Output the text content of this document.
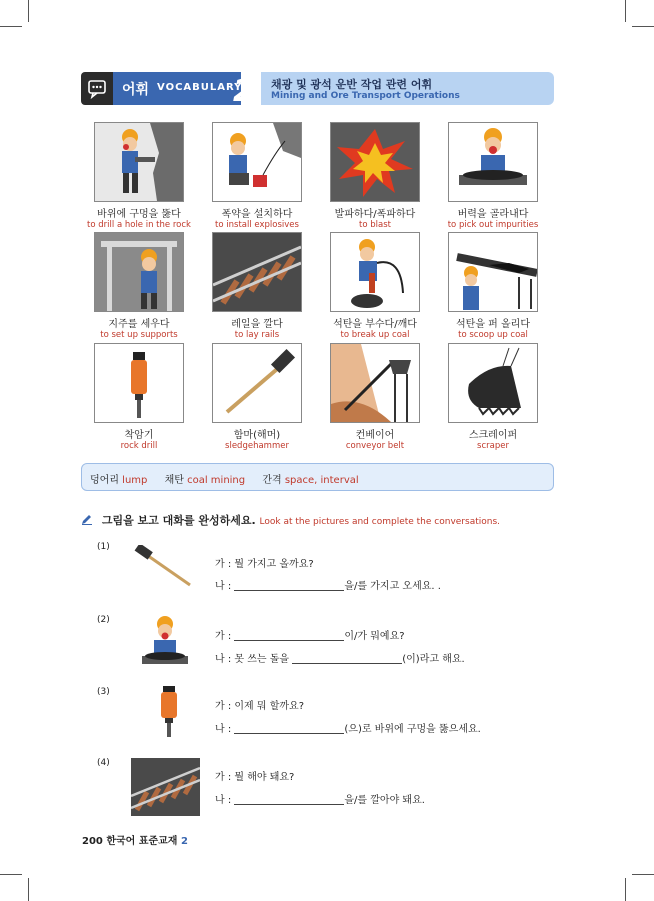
어휘 VOCABULARY	채광 및 광석 운반 작업 관련 어휘
Mining and Ore Transport Operations
2
바위에 구멍을 뚫다
to drill a hole in the rock
폭약을 설치하다
to install explosives
발파하다/폭파하다
to blast
버력을 골라내다
to pick out impurities
지주를 세우다
to set up supports
레일을 깔다
to lay rails
석탄을 부수다/깨다
to break up coal
석탄을 퍼 올리다
to scoop up coal
착암기
rock drill
함마(해머)
sledgehammer
컨베이어
conveyor belt
스크레이퍼
scraper
덩어리 lump 채탄 coal mining 간격 space, interval
그림을 보고 대화를 완성하세요. Look at the pictures and complete the conversations.
(1)
가 : 뭘 가지고 올까요?
나 :	을/를 가지고 오세요. .
(2)
가 :	이/가 뭐예요?
나 : 못 쓰는 돌을	(이)라고 해요.
(3)
가 : 이제 뭐 할까요?
나 :	(으)로 바위에 구멍을 뚫으세요.
(4)
가 : 뭘 해야 돼요?
나 :	을/를 깔아야 돼요.
200 한국어 표준교재 2
